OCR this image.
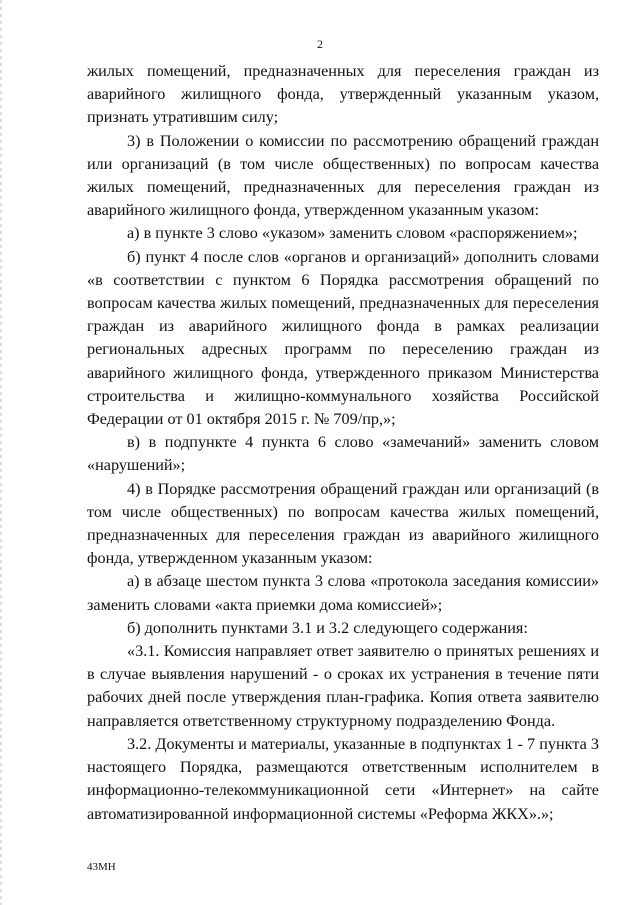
2

жилых помещений, предназначенных для переселения граждан из аварийного жилищного фонда, утвержденный указанным указом, признать утратившим силу;

3) в Положении о комиссии по рассмотрению обращений граждан или организаций (в том числе общественных) по вопросам качества жилых помещений, предназначенных для переселения граждан из аварийного жилищного фонда, утвержденном указанным указом:

а) в пункте 3 слово «указом» заменить словом «распоряжением»;

б) пункт 4 после слов «органов и организаций» дополнить словами «в соответствии с пунктом 6 Порядка рассмотрения обращений по вопросам качества жилых помещений, предназначенных для переселения граждан из аварийного жилищного фонда в рамках реализации региональных адресных программ по переселению граждан из аварийного жилищного фонда, утвержденного приказом Министерства строительства и жилищно-коммунального хозяйства Российской Федерации от 01 октября 2015 г. № 709/пр,»;

в) в подпункте 4 пункта 6 слово «замечаний» заменить словом «нарушений»;

4) в Порядке рассмотрения обращений граждан или организаций (в том числе общественных) по вопросам качества жилых помещений, предназначенных для переселения граждан из аварийного жилищного фонда, утвержденном указанным указом:

а) в абзаце шестом пункта 3 слова «протокола заседания комиссии» заменить словами «акта приемки дома комиссией»;

б) дополнить пунктами 3.1 и 3.2 следующего содержания:

«3.1. Комиссия направляет ответ заявителю о принятых решениях и в случае выявления нарушений - о сроках их устранения в течение пяти рабочих дней после утверждения план-графика. Копия ответа заявителю направляется ответственному структурному подразделению Фонда.

3.2. Документы и материалы, указанные в подпунктах 1 - 7 пункта 3 настоящего Порядка, размещаются ответственным исполнителем в информационно-телекоммуникационной сети «Интернет» на сайте автоматизированной информационной системы «Реформа ЖКХ».»;

43МН
